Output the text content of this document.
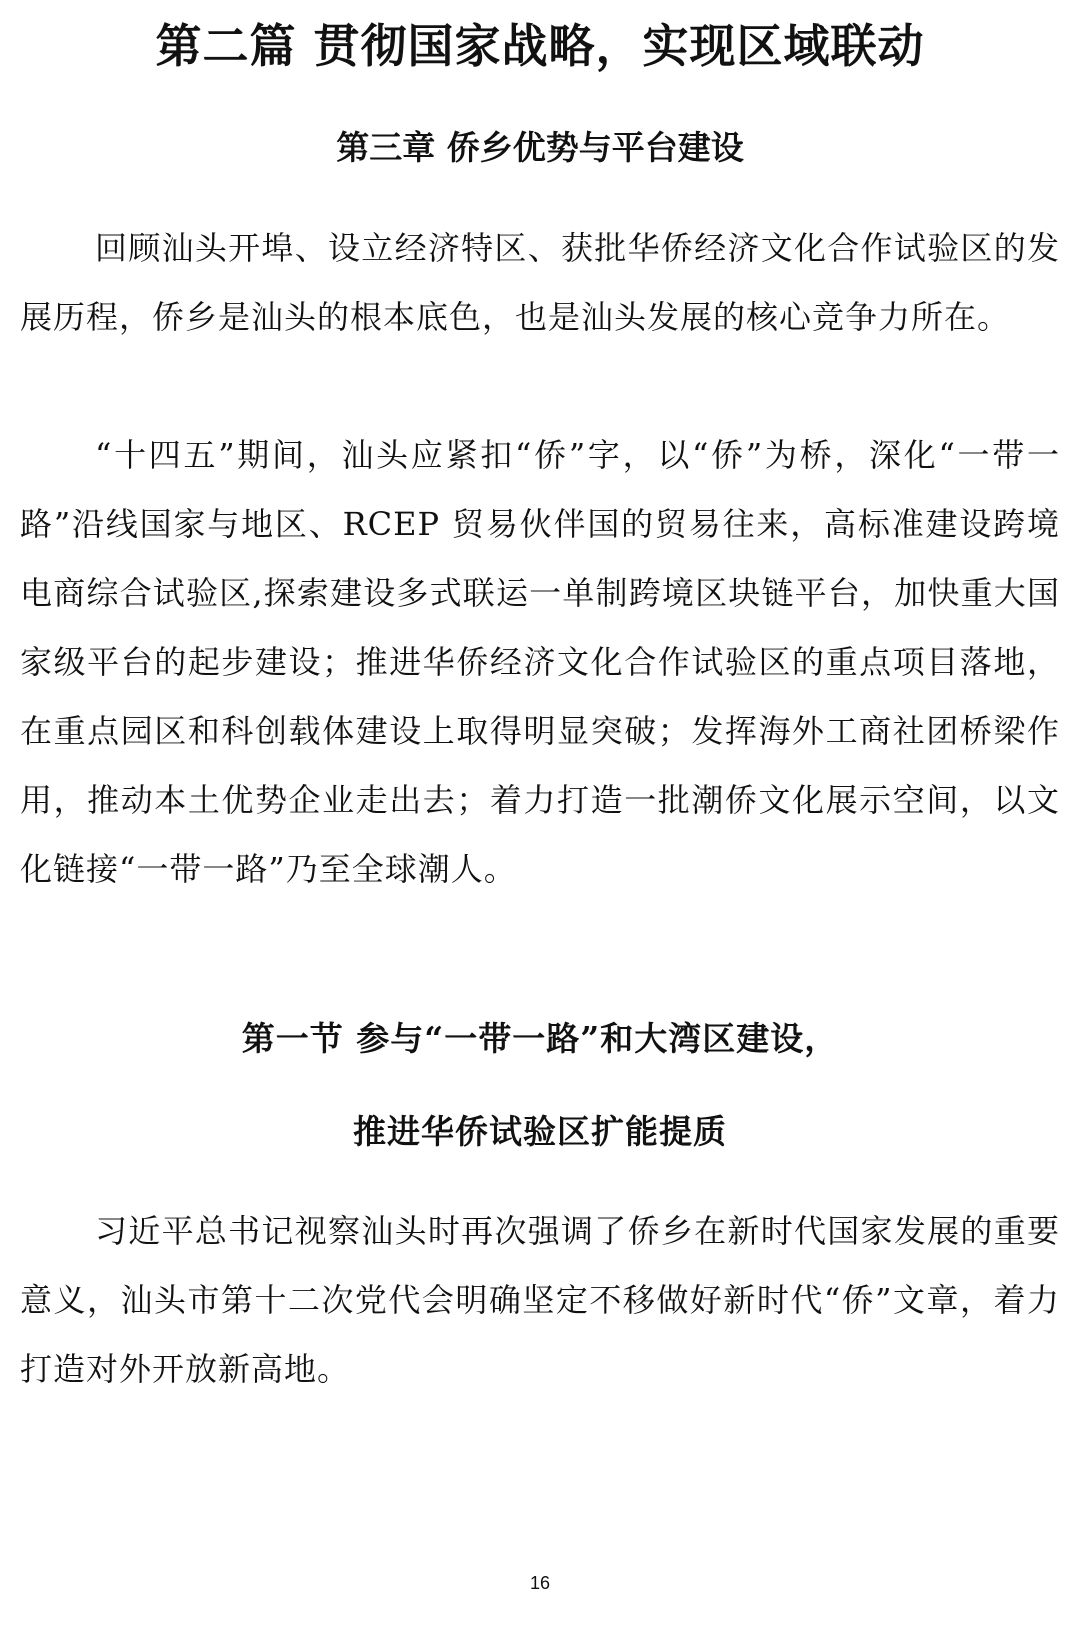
第二篇 贯彻国家战略，实现区域联动
第三章 侨乡优势与平台建设

回顾汕头开埠、设立经济特区、获批华侨经济文化合作试验区的发展历程，侨乡是汕头的根本底色，也是汕头发展的核心竞争力所在。

“十四五”期间，汕头应紧扣“侨”字，以“侨”为桥，深化“一带一路”沿线国家与地区、RCEP 贸易伙伴国的贸易往来，高标准建设跨境电商综合试验区,探索建设多式联运一单制跨境区块链平台，加快重大国家级平台的起步建设；推进华侨经济文化合作试验区的重点项目落地，在重点园区和科创载体建设上取得明显突破；发挥海外工商社团桥梁作用，推动本土优势企业走出去；着力打造一批潮侨文化展示空间，以文化链接“一带一路”乃至全球潮人。

第一节 参与“一带一路”和大湾区建设，
推进华侨试验区扩能提质

习近平总书记视察汕头时再次强调了侨乡在新时代国家发展的重要意义，汕头市第十二次党代会明确坚定不移做好新时代“侨”文章，着力打造对外开放新高地。

16
